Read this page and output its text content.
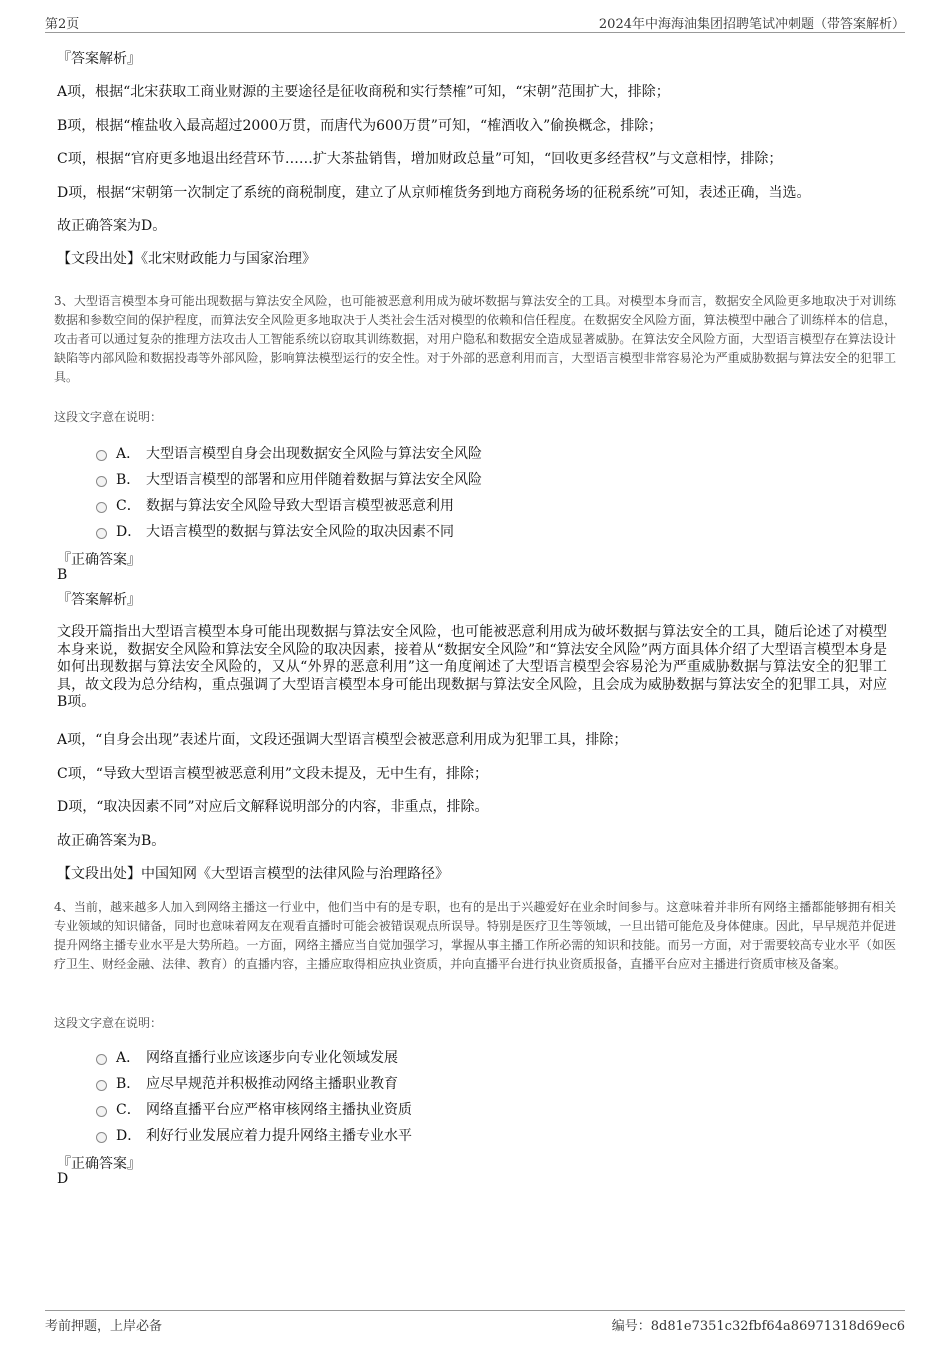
第2页	2024年中海海油集团招聘笔试冲刺题（带答案解析）
『答案解析』
A项，根据“北宋获取工商业财源的主要途径是征收商税和实行禁榷”可知，“宋朝”范围扩大，排除；
B项，根据“榷盐收入最高超过2000万贯，而唐代为600万贯”可知，“榷酒收入”偷换概念，排除；
C项，根据“官府更多地退出经营环节……扩大茶盐销售，增加财政总量”可知，“回收更多经营权”与文意相悖，排除；
D项，根据“宋朝第一次制定了系统的商税制度，建立了从京师榷货务到地方商税务场的征税系统”可知，表述正确，当选。
故正确答案为D。
【文段出处】《北宋财政能力与国家治理》
3、大型语言模型本身可能出现数据与算法安全风险，也可能被恶意利用成为破坏数据与算法安全的工具。对模型本身而言，数据安全风险更多地取决于对训练数据和参数空间的保护程度，而算法安全风险更多地取决于人类社会生活对模型的依赖和信任程度。在数据安全风险方面，算法模型中融合了训练样本的信息，攻击者可以通过复杂的推理方法攻击人工智能系统以窃取其训练数据，对用户隐私和数据安全造成显著威胁。在算法安全风险方面，大型语言模型存在算法设计缺陷等内部风险和数据投毒等外部风险，影响算法模型运行的安全性。对于外部的恶意利用而言，大型语言模型非常容易沦为严重威胁数据与算法安全的犯罪工具。
这段文字意在说明：
A． 大型语言模型自身会出现数据安全风险与算法安全风险
B． 大型语言模型的部署和应用伴随着数据与算法安全风险
C． 数据与算法安全风险导致大型语言模型被恶意利用
D． 大语言模型的数据与算法安全风险的取决因素不同
『正确答案』
B
『答案解析』
文段开篇指出大型语言模型本身可能出现数据与算法安全风险，也可能被恶意利用成为破坏数据与算法安全的工具，随后论述了对模型本身来说，数据安全风险和算法安全风险的取决因素，接着从“数据安全风险”和“算法安全风险”两方面具体介绍了大型语言模型本身是如何出现数据与算法安全风险的，又从“外界的恶意利用”这一角度阐述了大型语言模型会容易沦为严重威胁数据与算法安全的犯罪工具，故文段为总分结构，重点强调了大型语言模型本身可能出现数据与算法安全风险，且会成为威胁数据与算法安全的犯罪工具，对应B项。
A项，“自身会出现”表述片面，文段还强调大型语言模型会被恶意利用成为犯罪工具，排除；
C项，“导致大型语言模型被恶意利用”文段未提及，无中生有，排除；
D项，“取决因素不同”对应后文解释说明部分的内容，非重点，排除。
故正确答案为B。
【文段出处】中国知网《大型语言模型的法律风险与治理路径》
4、当前，越来越多人加入到网络主播这一行业中，他们当中有的是专职，也有的是出于兴趣爱好在业余时间参与。这意味着并非所有网络主播都能够拥有相关专业领域的知识储备，同时也意味着网友在观看直播时可能会被错误观点所误导。特别是医疗卫生等领域，一旦出错可能危及身体健康。因此，早早规范并促进提升网络主播专业水平是大势所趋。一方面，网络主播应当自觉加强学习，掌握从事主播工作所必需的知识和技能。而另一方面，对于需要较高专业水平（如医疗卫生、财经金融、法律、教育）的直播内容，主播应取得相应执业资质，并向直播平台进行执业资质报备，直播平台应对主播进行资质审核及备案。
这段文字意在说明：
A． 网络直播行业应该逐步向专业化领域发展
B． 应尽早规范并积极推动网络主播职业教育
C． 网络直播平台应严格审核网络主播执业资质
D． 利好行业发展应着力提升网络主播专业水平
『正确答案』
D
考前押题，上岸必备	编号：8d81e7351c32fbf64a86971318d69ec6
